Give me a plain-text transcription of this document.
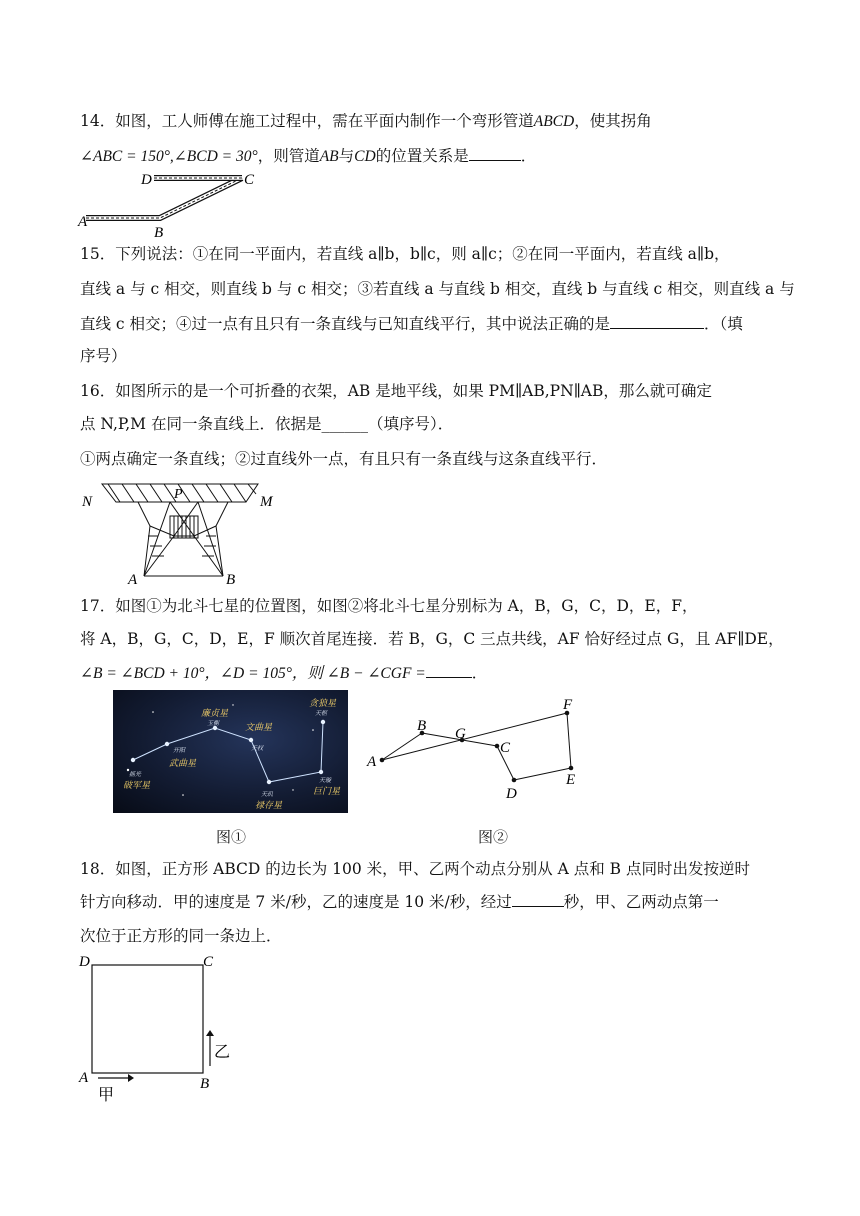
14．如图，工人师傅在施工过程中，需在平面内制作一个弯形管道ABCD，使其拐角
∠ABC = 150°,∠BCD = 30°，则管道AB与CD的位置关系是	．
D	C
A
B
15．下列说法：①在同一平面内，若直线 a∥b，b∥c，则 a∥c；②在同一平面内，若直线 a∥b，
直线 a 与 c 相交，则直线 b 与 c 相交；③若直线 a 与直线 b 相交，直线 b 与直线 c 相交，则直线 a 与
直线 c 相交；④过一点有且只有一条直线与已知直线平行，其中说法正确的是	．（填
序号）
16．如图所示的是一个可折叠的衣架，AB 是地平线，如果 PM∥AB,PN∥AB，那么就可确定
点 N,P,M 在同一条直线上．依据是______（填序号）．
①两点确定一条直线；②过直线外一点，有且只有一条直线与这条直线平行．
N	P	M
A	B
17．如图①为北斗七星的位置图，如图②将北斗七星分别标为 A，B，G，C，D，E，F，
将 A，B，G，C，D，E，F 顺次首尾连接．若 B，G，C 三点共线，AF 恰好经过点 G，且 AF∥DE，
∠B = ∠BCD + 10°，∠D = 105°，则 ∠B − ∠CGF =	．
廉贞星
文曲星
贪狼星
武曲星
破军星
禄存星
巨门星
玉衡
天权
天枢
开阳
摇光
天玑
天璇
图①
A
B G
C
D
E
F
图②
18．如图，正方形 ABCD 的边长为 100 米，甲、乙两个动点分别从 A 点和 B 点同时出发按逆时
针方向移动．甲的速度是 7 米/秒，乙的速度是 10 米/秒，经过	秒，甲、乙两动点第一
次位于正方形的同一条边上．
D	C
A	B
甲
乙
